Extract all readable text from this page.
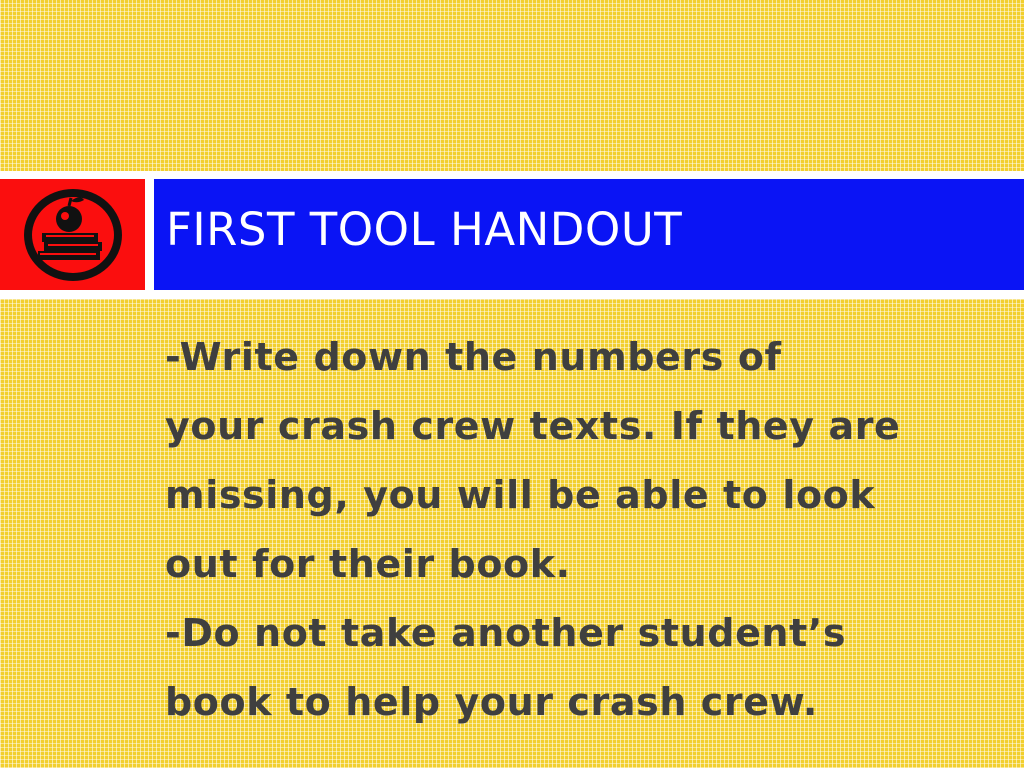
FIRST TOOL HANDOUT

-Write down the numbers of
your crash crew texts. If they are
missing, you will be able to look
out for their book.

-Do not take another student’s
book to help your crash crew.
